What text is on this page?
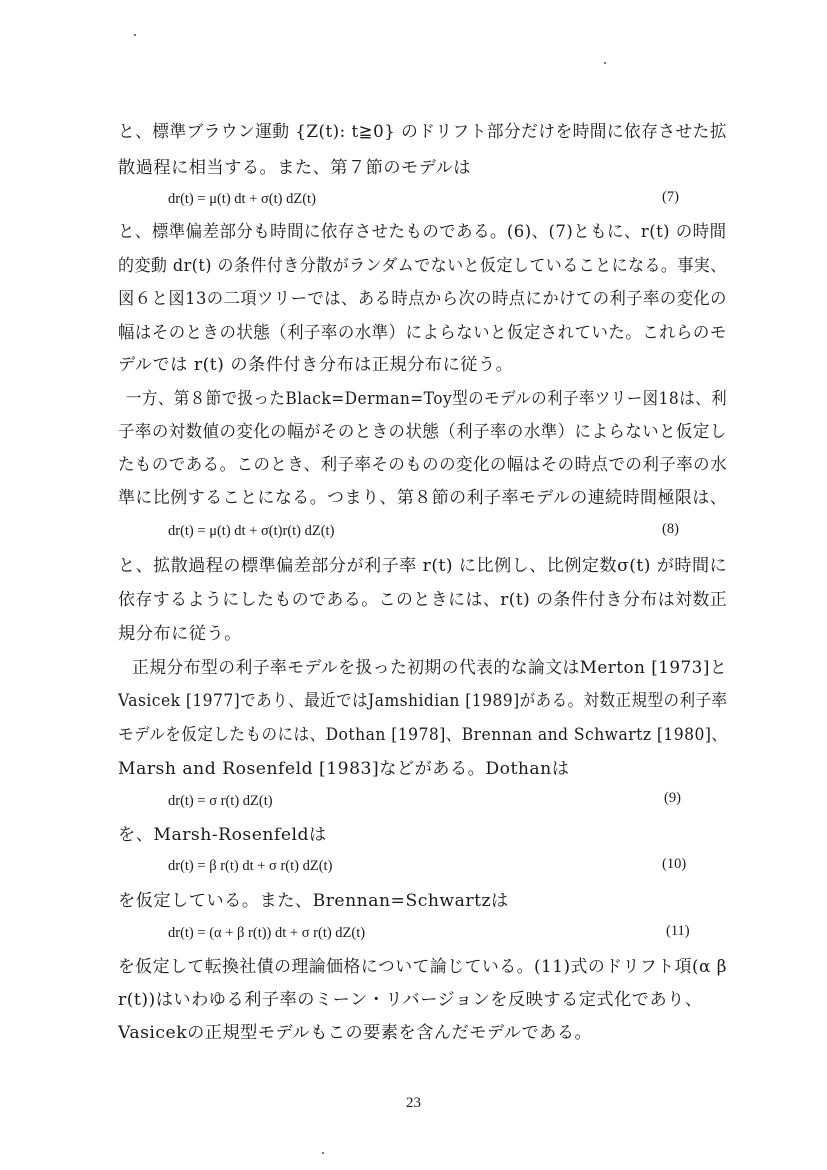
と、標準ブラウン運動 {Z(t): t≧0} のドリフト部分だけを時間に依存させた拡
散過程に相当する。また、第７節のモデルは
dr(t) = μ(t) dt + σ(t) dZ(t)	(7)
と、標準偏差部分も時間に依存させたものである。(6)、(7)ともに、r(t) の時間
的変動 dr(t) の条件付き分散がランダムでないと仮定していることになる。事実、
図６と図13の二項ツリーでは、ある時点から次の時点にかけての利子率の変化の
幅はそのときの状態（利子率の水準）によらないと仮定されていた。これらのモ
デルでは r(t) の条件付き分布は正規分布に従う。
一方、第８節で扱ったBlack=Derman=Toy型のモデルの利子率ツリー図18は、利
子率の対数値の変化の幅がそのときの状態（利子率の水準）によらないと仮定し
たものである。このとき、利子率そのものの変化の幅はその時点での利子率の水
準に比例することになる。つまり、第８節の利子率モデルの連続時間極限は、
dr(t) = μ(t) dt + σ(t)r(t) dZ(t)	(8)
と、拡散過程の標準偏差部分が利子率 r(t) に比例し、比例定数σ(t) が時間に
依存するようにしたものである。このときには、r(t) の条件付き分布は対数正
規分布に従う。
正規分布型の利子率モデルを扱った初期の代表的な論文はMerton [1973]と
Vasicek [1977]であり、最近ではJamshidian [1989]がある。対数正規型の利子率
モデルを仮定したものには、Dothan [1978]、Brennan and Schwartz [1980]、
Marsh and Rosenfeld [1983]などがある。Dothanは
dr(t) = σ r(t) dZ(t)	(9)
を、Marsh-Rosenfeldは
dr(t) = β r(t) dt + σ r(t) dZ(t)	(10)
を仮定している。また、Brennan=Schwartzは
dr(t) = (α + β r(t)) dt + σ r(t) dZ(t)	(11)
を仮定して転換社債の理論価格について論じている。(11)式のドリフト項(α β
r(t))はいわゆる利子率のミーン・リバージョンを反映する定式化であり、
Vasicekの正規型モデルもこの要素を含んだモデルである。
23
